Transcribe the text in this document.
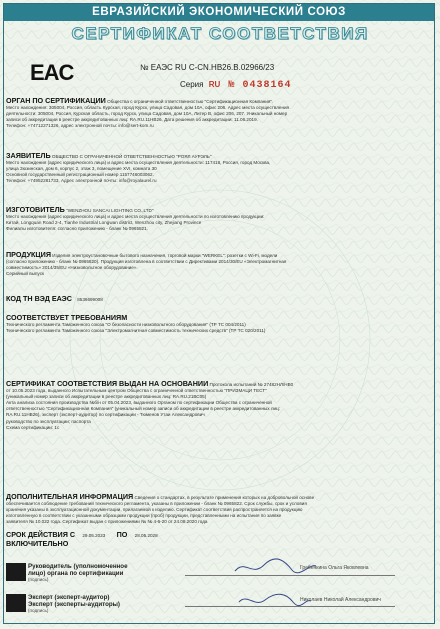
ЕВРАЗИЙСКИЙ ЭКОНОМИЧЕСКИЙ СОЮЗ
СЕРТИФИКАТ СООТВЕТСТВИЯ
EAC	№ ЕАЭС RU С-CN.НВ26.В.02966/23
Серия RU № 0438164
ОРГАН ПО СЕРТИФИКАЦИИ Общества с ограниченной ответственностью "Сертификационная Компания".
Место нахождения: 305004, Россия, область Курская, город Курск, улица Садовая, дом 10А, офис 206. Адрес места осуществления
деятельности: 305004, Россия, Курская область, город Курск, улица Садовая, дом 10А, Литер В, офис 206, 207. Уникальный номер
записи об аккредитации в реестре аккредитованных лиц: RA.RU.11НВ26. Дата решения об аккредитации: 11.06.2019.
Телефон: +74712271326, адрес электронной почты: info@sert-kom.ru
ЗАЯВИТЕЛЬ ОБЩЕСТВО С ОГРАНИЧЕННОЙ ОТВЕТСТВЕННОСТЬЮ "РОЯЛ АУРЭЛЬ"
Место нахождения (адрес юридического лица) и адрес места осуществления деятельности: 117418, Россия, город Москва,
улица Зюзинская, дом 6, корпус 2, этаж 3, помещение XVI, комната 30
Основной государственный регистрационный номер 1157746003062.
Телефон: +74952281733, Адрес электронной почты: info@royalaurel.ru
ИЗГОТОВИТЕЛЬ "WENZHOU SANCAI LIGHTING CO.,LTD"
Место нахождения (адрес юридического лица) и адрес места осуществления деятельности по изготовлению продукции:
Китай, Longquan Road 2-4, Tianhe Industrial Longwan district, Wenzhou city, Zhejiang Province
Филиалы изготовителя: согласно приложению - бланк № 0965821.
ПРОДУКЦИЯ Изделия электроустановочные бытового назначения, торговой марки "WERKEL": розетки с Wi-Fi, модели
(согласно приложению - бланк № 0965820). Продукция изготовлена в соответствии с Директивами 2014/30/EU «Электромагнитная
совместимость» 2014/35/EU «Низковольтное оборудование».
Серийный выпуск
КОД ТН ВЭД ЕАЭС 8536699008
СООТВЕТСТВУЕТ ТРЕБОВАНИЯМ
Технического регламента Таможенного союза "О безопасности низковольтного оборудования" (ТР ТС 004/2011)
Технического регламента Таможенного союза "Электромагнитная совместимость технических средств" (ТР ТС 020/2011)
СЕРТИФИКАТ СООТВЕТСТВИЯ ВЫДАН НА ОСНОВАНИИ Протокола испытаний № 27482НЛ/НВ0
от 10.05.2023 года, выданного Испытательным центром Общества с ограниченной ответственностью "ПРИЗМАЦИ ТЕСТ"
(уникальный номер записи об аккредитации в реестре аккредитованных лиц: RA.RU.21ВС05)
Акта анализа состояния производства №б/н от 05.04.2023, выданного Органом по сертификации Общества с ограниченной
ответственностью "Сертификационная Компания" (уникальный номер записи об аккредитации в реестре аккредитованных лиц:
RA.RU.11НВ26), эксперт (эксперт-аудитор) по сертификации - Тюменов Утаи Александрович
руководство по эксплуатации; паспорта
Схема сертификации: 1с
ДОПОЛНИТЕЛЬНАЯ ИНФОРМАЦИЯ Сведения о стандартах, в результате применения которых на добровольной основе
обеспечивается соблюдение требований технического регламента, указаны в приложении - бланк № 0965822. Срок службы, срок и условия
хранения указаны в эксплуатационной документации, прилагаемой к изделию. Сертификат соответствия распространяется на продукцию
изготовленную в соответствии с указанными образцами продукции (проб) продукции, представленными на испытания по заявке
заявителя № 10.022 года. Сертификат выдан с приложениями № № 4-6-20 от 24.08.2020 года
СРОК ДЕЙСТВИЯ С 29.05.2023 ПО 28.05.2028
ВКЛЮЧИТЕЛЬНО
Руководитель (уполномоченное
лицо) органа по сертификации
(подпись)
Гребенкина Ольга Яковлевна
Эксперт (эксперт-аудитор)
Эксперт (эксперты-аудиторы)
(подпись)
Николаев Николай Александрович
